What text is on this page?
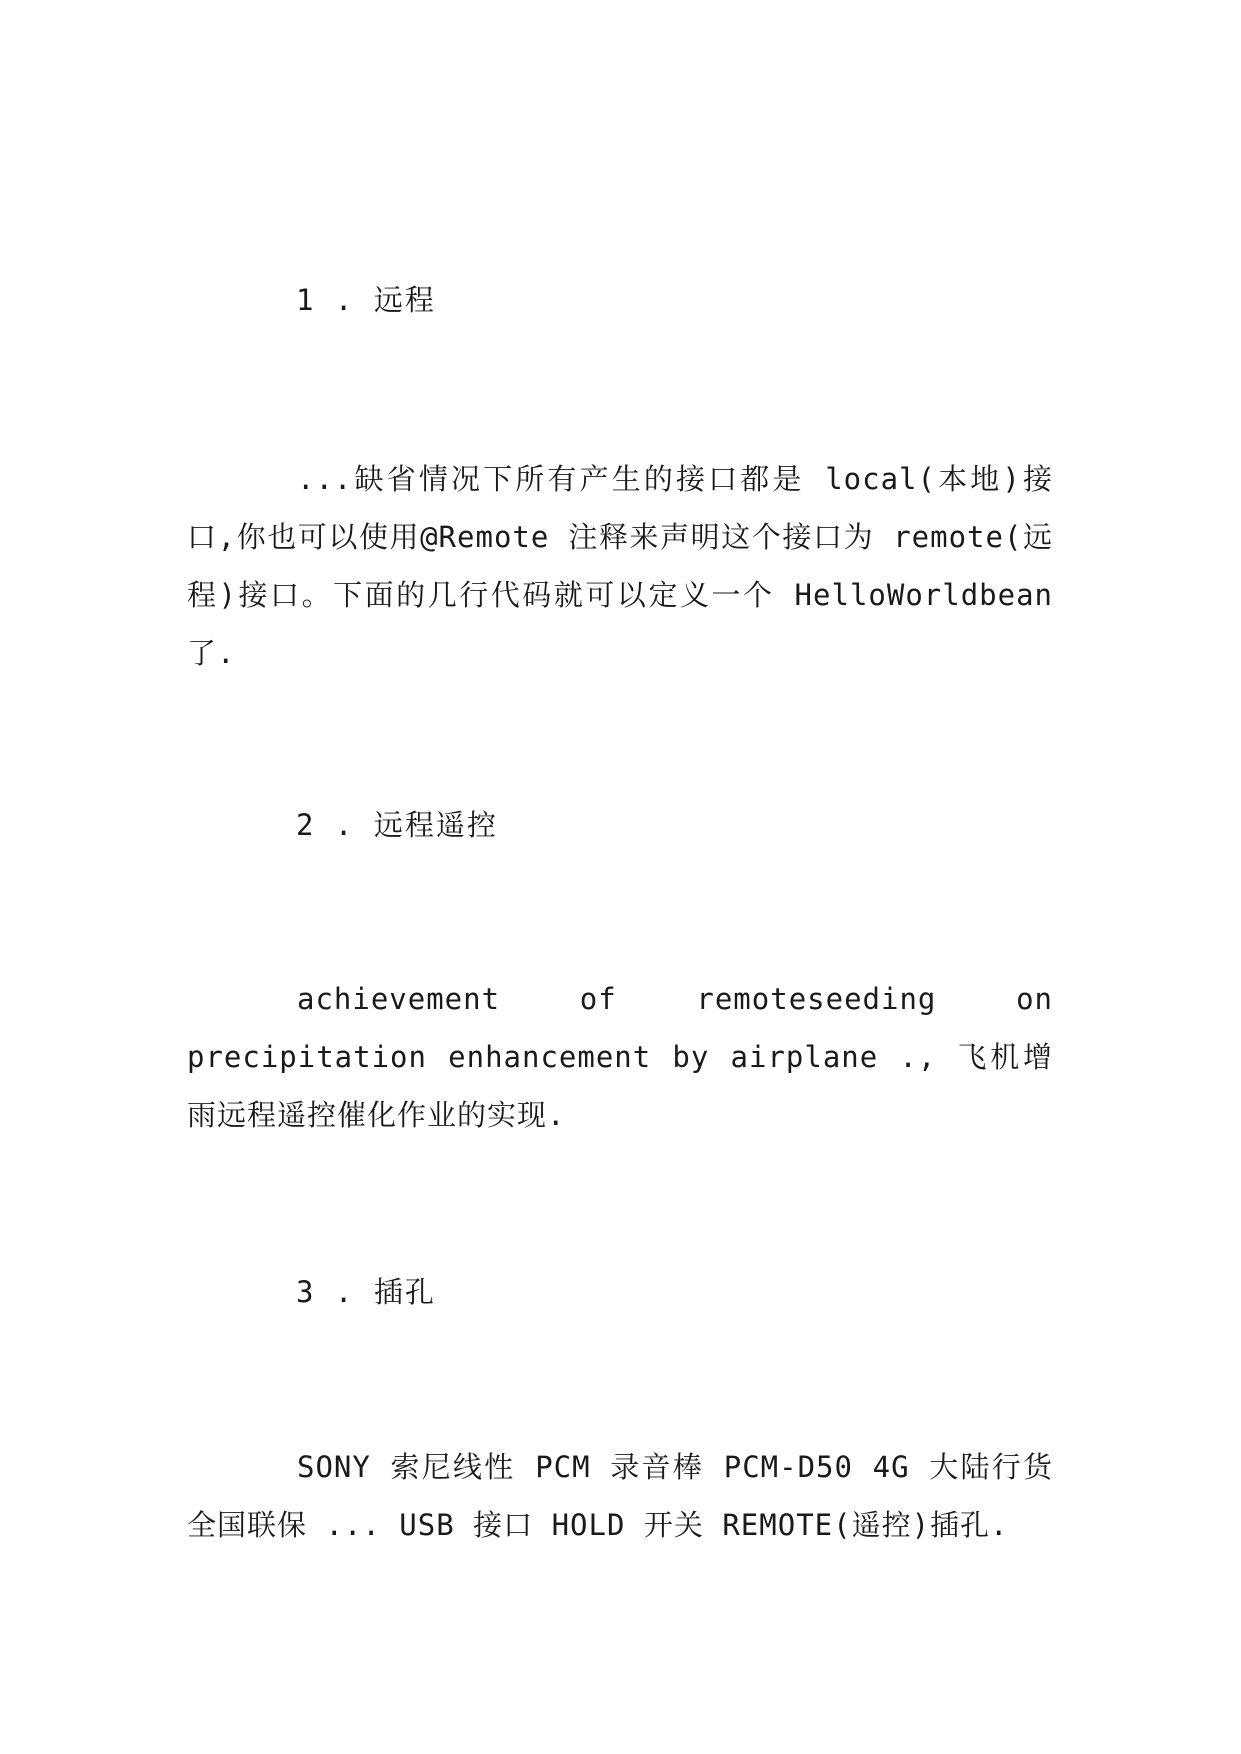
1 . 远程

...缺省情况下所有产生的接口都是 local(本地)接口,你也可以使用@Remote 注释来声明这个接口为 remote(远程)接口。下面的几行代码就可以定义一个 HelloWorldbean 了.

2 . 远程遥控

achievement of remoteseeding on precipitation enhancement by airplane ., 飞机增雨远程遥控催化作业的实现.

3 . 插孔

SONY 索尼线性 PCM 录音棒 PCM-D50 4G 大陆行货全国联保 ... USB 接口 HOLD 开关 REMOTE(遥控)插孔.
